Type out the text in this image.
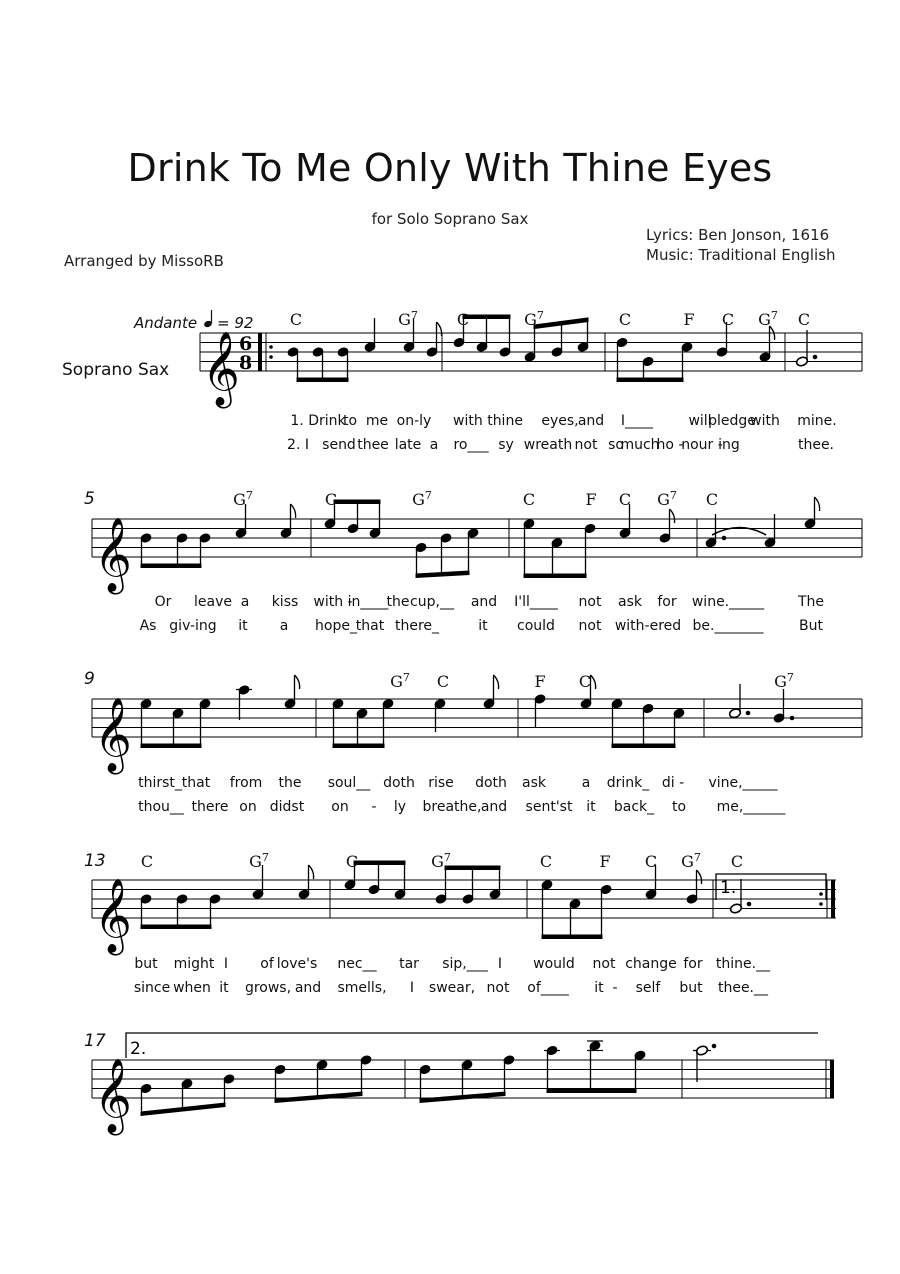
Drink To Me Only With Thine Eyes
for Solo Soprano Sax
Arranged by MissoRB
Lyrics: Ben Jonson, 1616
Music: Traditional English
𝄞 6
8
𝄞
𝄞
𝄞	1.
𝄞
2.
Soprano Sax
Andante = 92
5
9
13
17
C	$G^7$ C	$G^7$	C	F C $G^7$ C
$G^7$	C	$G^7$	C	F C $G^7$ C
$G^7$ C	F C	$G^7$
C	$G^7$	C	$G^7$	C	F C $G^7$ C
1. Drink
to me on-ly with thine eyes, and I____	will
pledge
with mine.
Or leave a kiss with -
in____
the cup,__ and I'll____ not ask for wine._____ The
thirst_ that from the soul__ doth rise doth ask	a drink_ di - vine,_____
but might I of love's nec__ tar sip,___ I would not change for thine.__
2. I send thee late a ro___ sy wreath not so
much
ho -
nour -
ing	thee.
As giv-ing it a hope_
that there_	it could not with-ered be._______	But
thou__ there on didst on - ly breathe, and sent'st it back_ to me,______
since when it grows, and smells, I swear, not of____ it - self but thee.__
